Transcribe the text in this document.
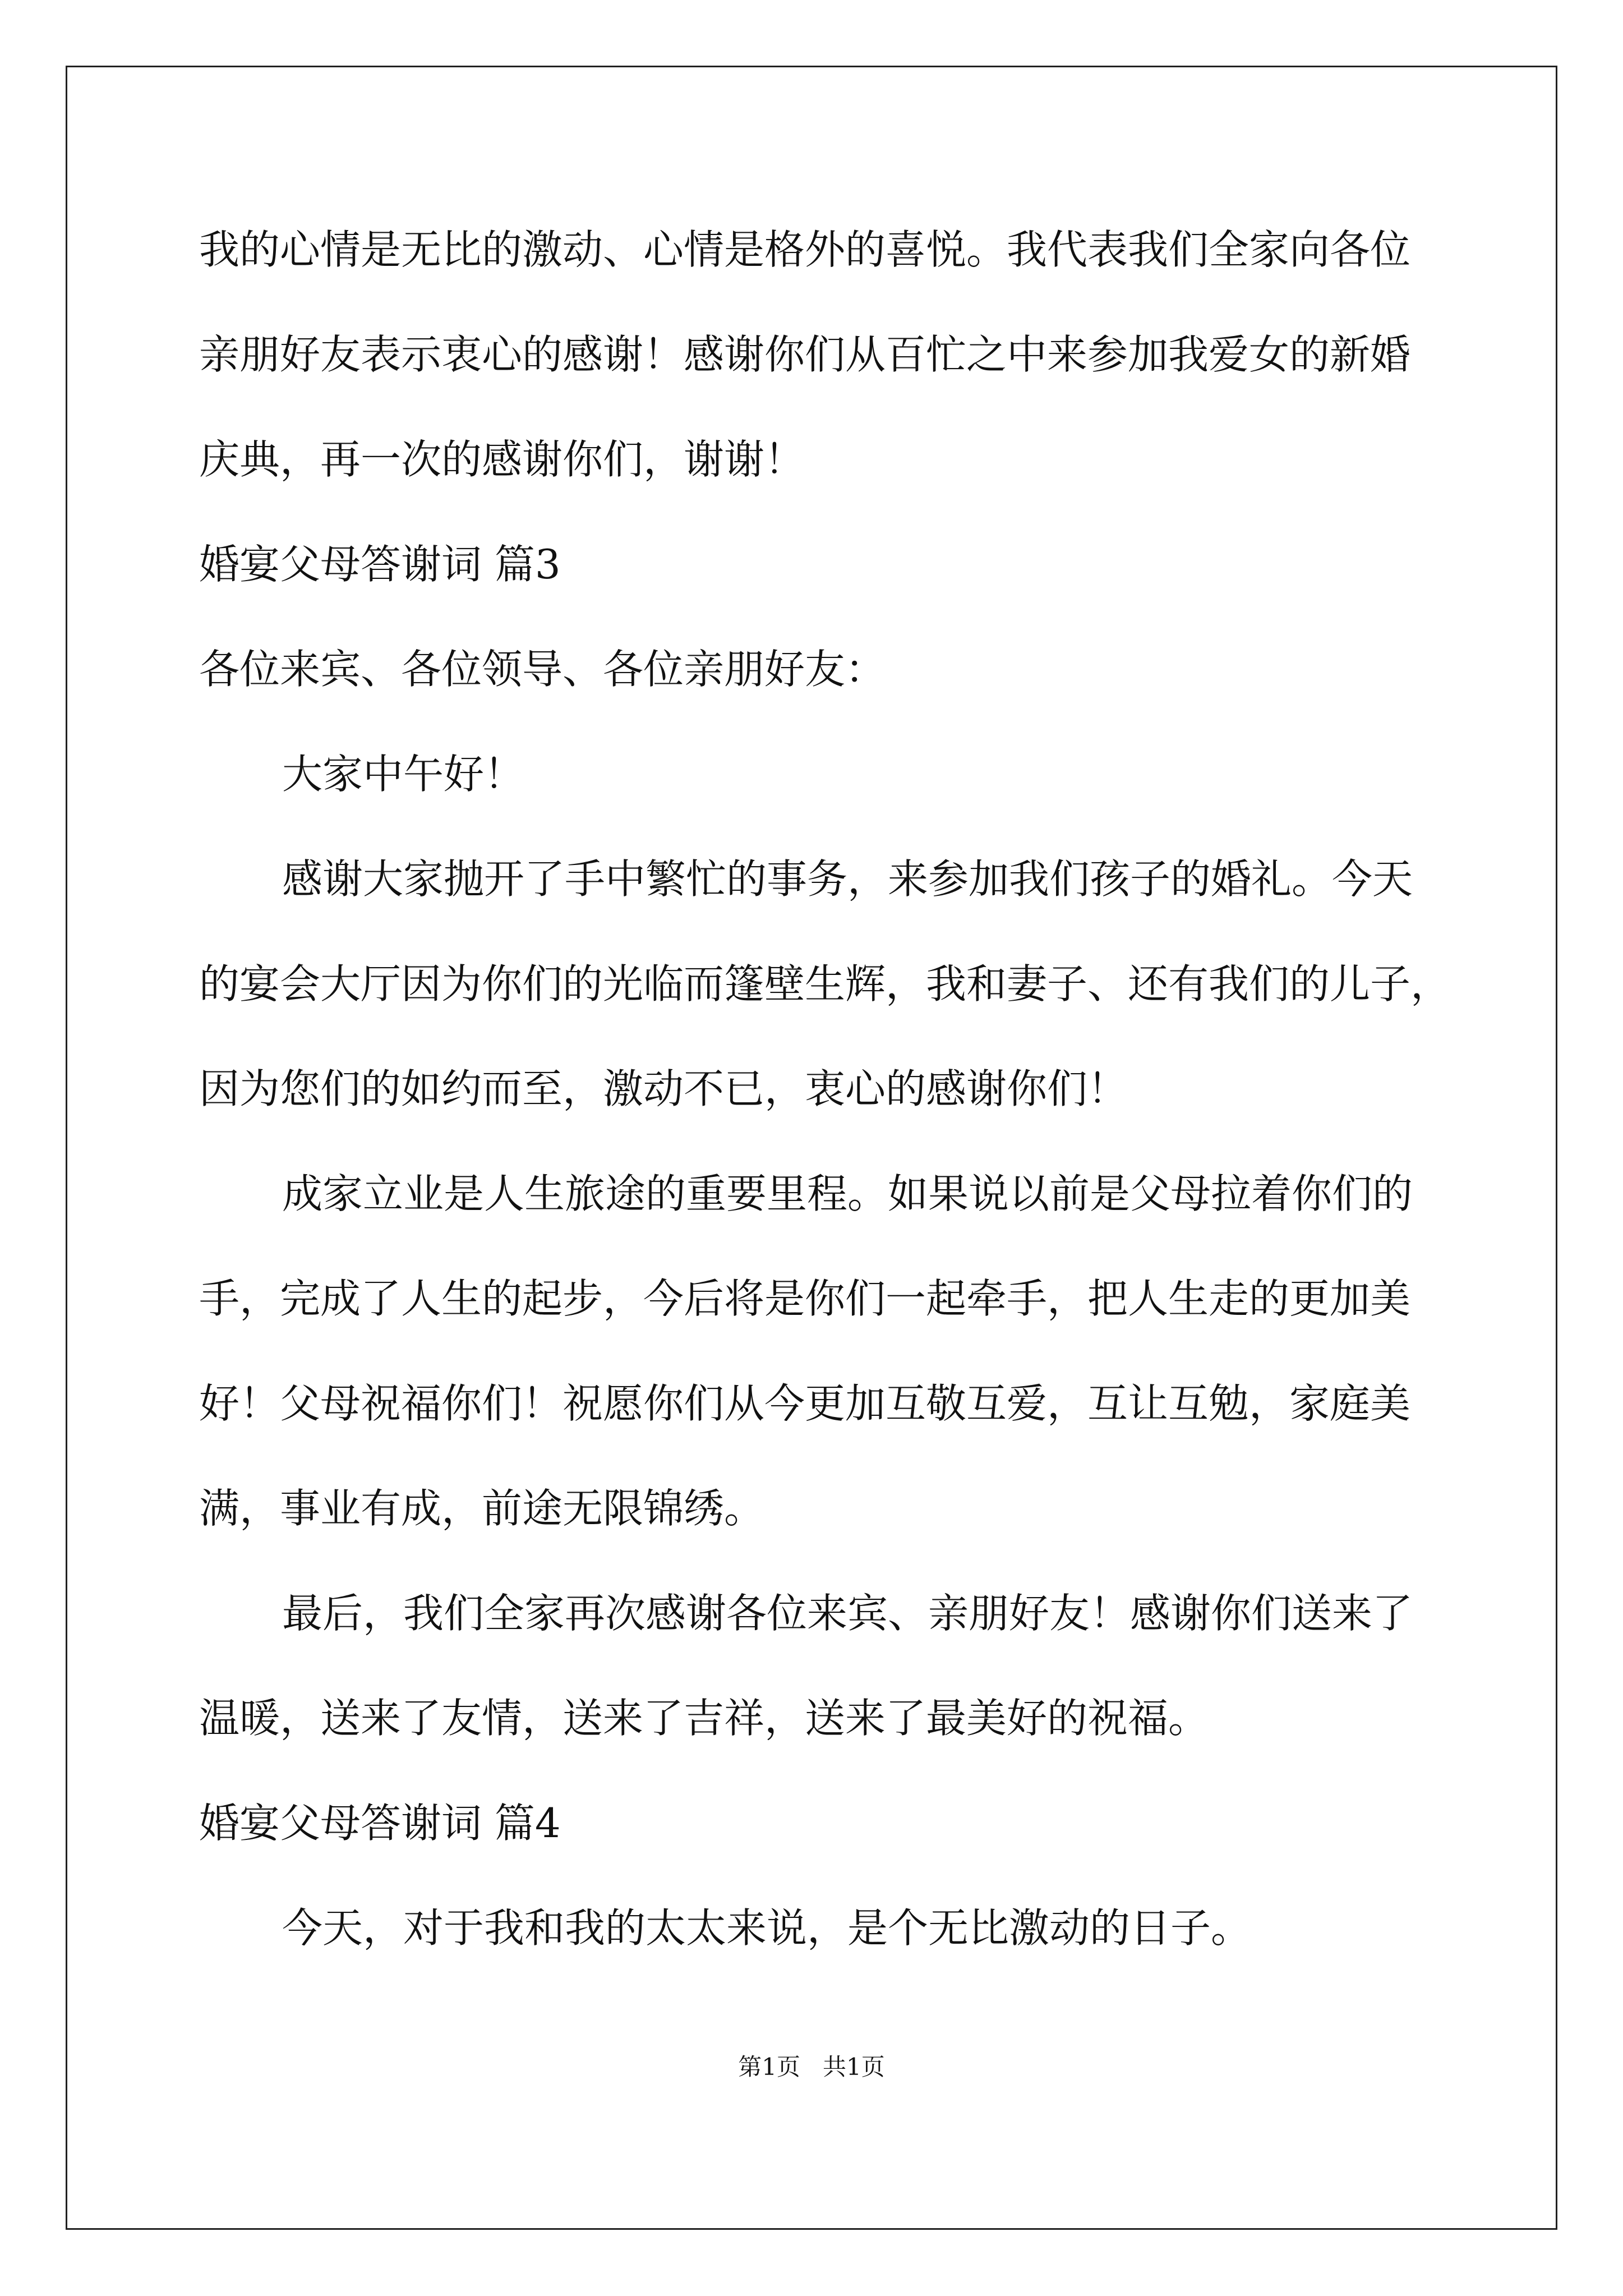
我的心情是无比的激动、心情是格外的喜悦。我代表我们全家向各位
亲朋好友表示衷心的感谢！感谢你们从百忙之中来参加我爱女的新婚
庆典，再一次的感谢你们，谢谢！
婚宴父母答谢词 篇3
各位来宾、各位领导、各位亲朋好友：
大家中午好！
感谢大家抛开了手中繁忙的事务，来参加我们孩子的婚礼。今天
的宴会大厅因为你们的光临而篷壁生辉，我和妻子、还有我们的儿子，
因为您们的如约而至，激动不已，衷心的感谢你们！
成家立业是人生旅途的重要里程。如果说以前是父母拉着你们的
手，完成了人生的起步，今后将是你们一起牵手，把人生走的更加美
好！父母祝福你们！祝愿你们从今更加互敬互爱，互让互勉，家庭美
满，事业有成，前途无限锦绣。
最后，我们全家再次感谢各位来宾、亲朋好友！感谢你们送来了
温暖，送来了友情，送来了吉祥，送来了最美好的祝福。
婚宴父母答谢词 篇4
今天，对于我和我的太太来说，是个无比激动的日子。
第1页   共1页
